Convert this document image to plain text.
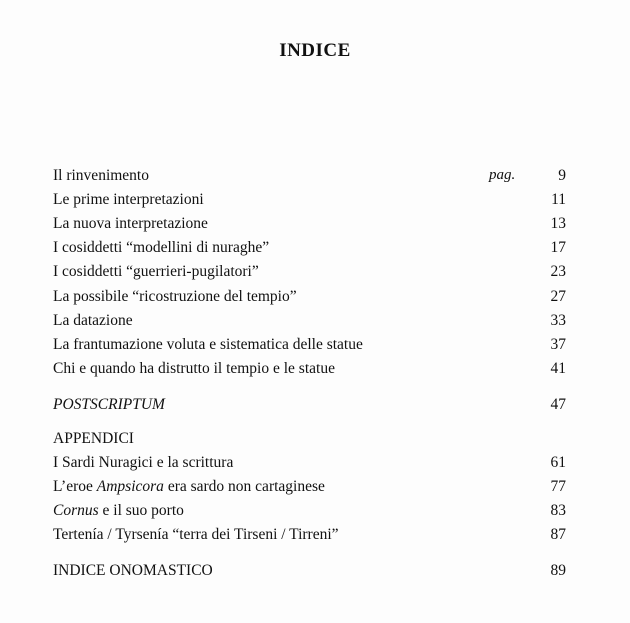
INDICE
Il rinvenimento	pag.	9
Le prime interpretazioni	11
La nuova interpretazione	13
I cosiddetti “modellini di nuraghe”	17
I cosiddetti “guerrieri-pugilatori”	23
La possibile “ricostruzione del tempio”	27
La datazione	33
La frantumazione voluta e sistematica delle statue	37
Chi e quando ha distrutto il tempio e le statue	41
POSTSCRIPTUM	47
APPENDICI
I Sardi Nuragici e la scrittura	61
L’eroe Ampsicora era sardo non cartaginese	77
Cornus e il suo porto	83
Tertenía / Tyrsenía “terra dei Tirseni / Tirreni”	87
INDICE ONOMASTICO	89
